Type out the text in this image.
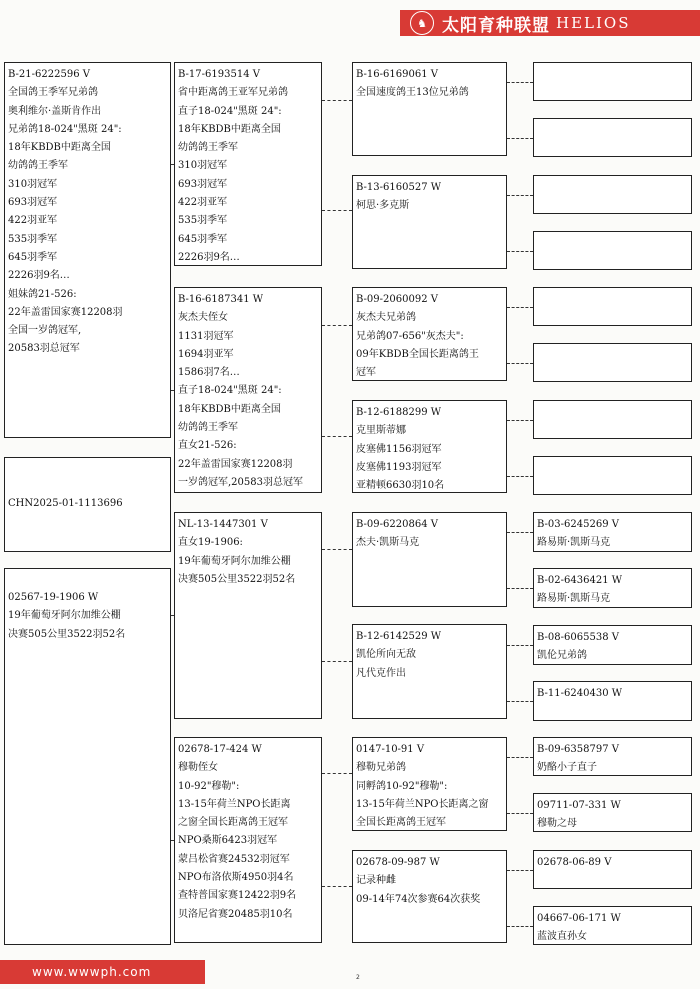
♞ 太阳育种联盟 HELIOS
B-21-6222596 V
全国鸽王季军兄弟鸽
奥利维尔·盖斯肯作出
兄弟鸽18-024"黑斑 24":
18年KBDB中距离全国
幼鸽鸽王季军
310羽冠军
693羽冠军
422羽亚军
535羽季军
645羽季军
2226羽9名…
姐妹鸽21-526:
22年盖雷国家赛12208羽
全国一岁鸽冠军,
20583羽总冠军
CHN2025-01-1113696
02567-19-1906 W
19年葡萄牙阿尔加维公棚
决赛505公里3522羽52名
B-17-6193514 V
省中距离鸽王亚军兄弟鸽
直子18-024"黑斑 24":
18年KBDB中距离全国
幼鸽鸽王季军
310羽冠军
693羽冠军
422羽亚军
535羽季军
645羽季军
2226羽9名…
B-16-6187341 W
灰杰夫侄女
1131羽冠军
1694羽亚军
1586羽7名…
直子18-024"黑斑 24":
18年KBDB中距离全国
幼鸽鸽王季军
直女21-526:
22年盖雷国家赛12208羽
一岁鸽冠军,20583羽总冠军
NL-13-1447301 V
直女19-1906:
19年葡萄牙阿尔加维公棚
决赛505公里3522羽52名
02678-17-424 W
穆勒侄女
10-92"穆勒":
13-15年荷兰NPO长距离
之窗全国长距离鸽王冠军
NPO桑斯6423羽冠军
蒙吕松省赛24532羽冠军
NPO布洛依斯4950羽4名
查特普国家赛12422羽9名
贝洛尼省赛20485羽10名
B-16-6169061 V
全国速度鸽王13位兄弟鸽
B-13-6160527 W
柯思·多克斯
B-09-2060092 V
灰杰夫兄弟鸽
兄弟鸽07-656"灰杰夫":
09年KBDB全国长距离鸽王
冠军
B-12-6188299 W
克里斯蒂娜
皮塞佛1156羽冠军
皮塞佛1193羽冠军
亚精顿6630羽10名
B-09-6220864 V
杰夫·凯斯马克
B-12-6142529 W
凯伦所向无敌
凡代克作出
0147-10-91 V
穆勒兄弟鸽
同孵鸽10-92"穆勒":
13-15年荷兰NPO长距离之窗
全国长距离鸽王冠军
02678-09-987 W
记录种雌
09-14年74次参赛64次获奖
B-03-6245269 V
路易斯·凯斯马克
B-02-6436421 W
路易斯·凯斯马克
B-08-6065538 V
凯伦兄弟鸽
B-11-6240430 W
B-09-6358797 V
奶酪小子直子
09711-07-331 W
穆勒之母
02678-06-89 V
04667-06-171 W
蓝波直孙女
www.wwwph.com	2
